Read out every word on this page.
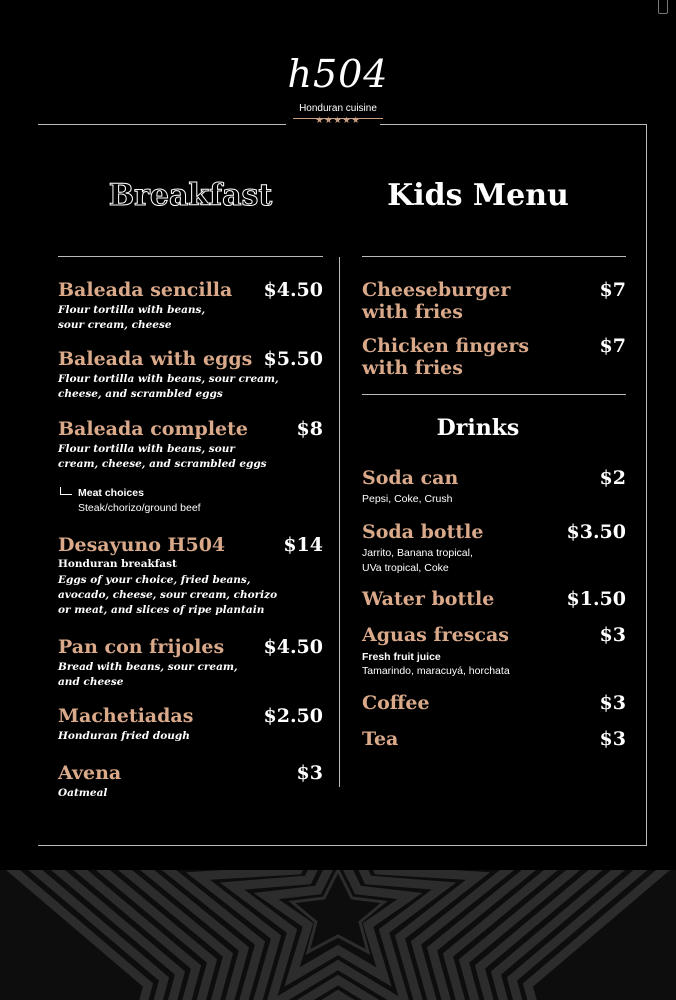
h504
Honduran cuisine
★★★★★
Breakfast	Kids Menu
Baleada sencilla	$4.50
Flour tortilla with beans,
sour cream, cheese
Baleada with eggs $5.50
Flour tortilla with beans, sour cream,
cheese, and scrambled eggs
Baleada complete	$8
Flour tortilla with beans, sour
cream, cheese, and scrambled eggs
Meat choices
Steak/chorizo/ground beef
Desayuno H504	$14
Honduran breakfast
Eggs of your choice, fried beans,
avocado, cheese, sour cream, chorizo
or meat, and slices of ripe plantain
Pan con frijoles	$4.50
Bread with beans, sour cream,
and cheese
Machetiadas	$2.50
Honduran fried dough
Avena	$3
Oatmeal
Cheeseburger
with fries
$7
Chicken fingers
with fries
$7
Drinks
Soda can	$2
Pepsi, Coke, Crush
Soda bottle	$3.50
Jarrito, Banana tropical,
UVa tropical, Coke
Water bottle	$1.50
Aguas frescas	$3
Fresh fruit juice
Tamarindo, maracuyá, horchata
Coffee	$3
Tea	$3
